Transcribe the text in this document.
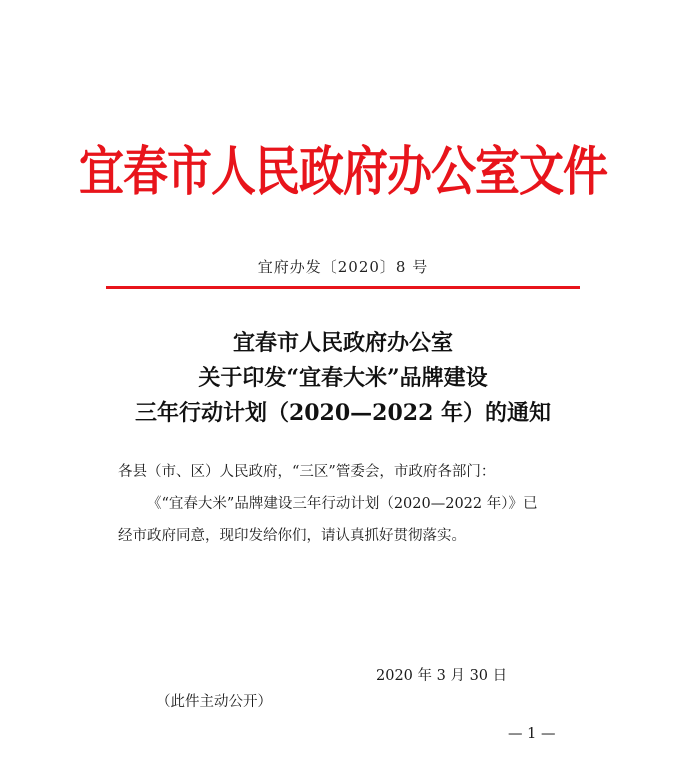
宜春市人民政府办公室文件
宜府办发〔2020〕8 号
宜春市人民政府办公室
关于印发“宜春大米”品牌建设
三年行动计划（2020—2022 年）的通知

各县（市、区）人民政府，“三区”管委会，市政府各部门：

《“宜春大米”品牌建设三年行动计划（2020—2022 年）》已

经市政府同意，现印发给你们，请认真抓好贯彻落实。

2020 年 3 月 30 日
（此件主动公开）
— 1 —
